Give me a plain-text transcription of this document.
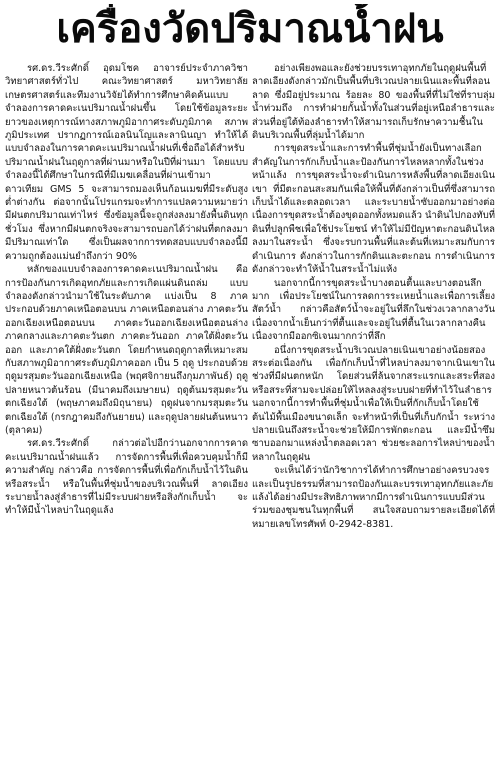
เครื่องวัดปริมาณน้ำฝน

รศ.ดร.วีระศักดิ์ อุดมโชค อาจารย์ประจำภาควิชาวิทยาศาสตร์ทั่วไป คณะวิทยาศาสตร์ มหาวิทยาลัยเกษตรศาสตร์และทีมงานวิจัยได้ทำการศึกษาคิดค้นแบบจำลองการคาดคะเนปริมาณน้ำฝนขึ้น โดยใช้ข้อมูลระยะยาวของเหตุการณ์ทางสภาพภูมิอากาศระดับภูมิภาค สภาพภูมิประเทศ ปรากฏการณ์เอลนินโญและลานินญา ทำให้ได้แบบจำลองในการคาดคะเนปริมาณน้ำฝนที่เชื่อถือได้สำหรับปริมาณน้ำฝนในฤดูกาลที่ผ่านมาหรือในปีที่ผ่านมา โดยแบบจำลองนี้ได้ศึกษาในกรณีที่มีเมฆเคลื่อนที่ผ่านเข้ามาดาวเทียม GMS 5 จะสามารถมองเห็นก้อนเมฆที่มีระดับสูงต่ำต่างกัน ต่อจากนั้นโปรแกรมจะทำการแปลความหมายว่ามีฝนตกปริมาณเท่าไหร่ ซึ่งข้อมูลนี้จะถูกส่งลงมายังพื้นดินทุกชั่วโมง ซึ่งหากมีฝนตกจริงจะสามารถบอกได้ว่าฝนที่ตกลงมามีปริมาณเท่าใด ซึ่งเป็นผลจากการทดสอบแบบจำลองนี้มีความถูกต้องแม่นยำถึงกว่า 90%

หลักของแบบจำลองการคาดคะเนปริมาณน้ำฝน คือ การป้องกันการเกิดอุทกภัยและการเกิดแผ่นดินถล่ม แบบจำลองดังกล่าวนำมาใช้ในระดับภาค แบ่งเป็น 8 ภาค ประกอบด้วยภาคเหนือตอนบน ภาคเหนือตอนล่าง ภาคตะวันออกเฉียงเหนือตอนบน ภาคตะวันออกเฉียงเหนือตอนล่าง ภาคกลางและภาคตะวันตก ภาคตะวันออก ภาคใต้ฝั่งตะวันออก และภาคใต้ฝั่งตะวันตก โดยกำหนดฤดูกาลที่เหมาะสมกับสภาพภูมิอากาศระดับภูมิภาคออก เป็น 5 ฤดู ประกอบด้วย ฤดูมรสุมตะวันออกเฉียงเหนือ (พฤศจิกายนถึงกุมภาพันธ์) ฤดูปลายหนาวต้นร้อน (มีนาคมถึงเมษายน) ฤดูต้นมรสุมตะวันตกเฉียงใต้ (พฤษภาคมถึงมิถุนายน) ฤดูฝนจากมรสุมตะวันตกเฉียงใต้ (กรกฎาคมถึงกันยายน) และฤดูปลายฝนต้นหนาว (ตุลาคม)

รศ.ดร.วีระศักดิ์ กล่าวต่อไปอีกว่านอกจากการคาดคะเนปริมาณน้ำฝนแล้ว การจัดการพื้นที่เพื่อควบคุมน้ำก็มีความสำคัญ กล่าวคือ การจัดการพื้นที่เพื่อกักเก็บน้ำไว้ในดินหรือสระน้ำ หรือในพื้นที่ชุ่มน้ำของบริเวณพื้นที่ ลาดเอียงระบายน้ำลงสู่ลำธารที่ไม่มีระบบฝายหรือสิ่งกักเก็บน้ำ จะทำให้มีน้ำไหลบ่าในฤดูแล้ง

อย่างเพียงพอและยังช่วยบรรเทาอุทกภัยในฤดูฝนพื้นที่ลาดเอียงดังกล่าวมักเป็นพื้นที่บริเวณปลายเนินและพื้นที่ลอนลาด ซึ่งมีอยู่ประมาณ ร้อยละ 80 ของพื้นที่ที่ไม่ใช่ที่ราบลุ่มน้ำท่วมถึง การทำฝายกั้นน้ำทั้งในส่วนที่อยู่เหนือลำธารและส่วนที่อยู่ใต้ท้องลำธารทำให้สามารถเก็บรักษาความชื้นในดินบริเวณพื้นที่ลุ่มน้ำได้มาก

การขุดสระน้ำและการทำพื้นที่ชุ่มน้ำยังเป็นทางเลือกสำคัญในการกักเก็บน้ำและป้องกันการไหลหลากทั้งในช่วงหน้าแล้ง การขุดสระน้ำจะดำเนินการหลังพื้นที่ลาดเอียงเนินเขา ที่มีตะกอนสะสมกันเพื่อให้พื้นที่ดังกล่าวเป็นที่ซึ่งสามารถเก็บน้ำได้และตลอดเวลา และระบายน้ำซับออกมาอย่างต่อเนื่องการขุดสระน้ำต้องขุดออกทั้งหมดแล้ว นำดินไปกองทับที่ดินที่ปลูกพืชเพื่อใช้ประโยชน์ ทำให้ไม่มีปัญหาตะกอนดินไหลลงมาในสระน้ำ ซึ่งจะรบกวนพื้นที่และต้นที่เหมาะสมกับการดำเนินการ ดังกล่าวในการกักดินและตะกอน การดำเนินการดังกล่าวจะทำให้น้ำในสระน้ำไม่แห้ง

นอกจากนี้การขุดสระน้ำบางตอนตื้นและบางตอนลึกมาก เพื่อประโยชน์ในการลดการระเหยน้ำและเพื่อการเลี้ยงสัตว์น้ำ กล่าวคือสัตว์น้ำจะอยู่ในที่ลึกในช่วงเวลากลางวันเนื่องจากน้ำเย็นกว่าที่ตื้นและจะอยู่ในที่ตื้นในเวลากลางคืนเนื่องจากมีออกซิเจนมากกว่าที่ลึก

อนึ่งการขุดสระน้ำบริเวณปลายเนินเขาอย่างน้อยสองสระต่อเนื่องกัน เพื่อกักเก็บน้ำที่ไหลบ่าลงมาจากเนินเขาในช่วงที่มีฝนตกหนัก โดยส่วนที่ล้นจากสระแรกและสระที่สองหรือสระที่สามจะปล่อยให้ไหลลงสู่ระบบฝายที่ทำไว้ในลำธาร นอกจากนี้การทำพื้นที่ชุ่มน้ำเพื่อให้เป็นที่กักเก็บน้ำโดยใช้ต้นไม้พื้นเมืองขนาดเล็ก จะทำหน้าที่เป็นที่เก็บกักน้ำ ระหว่างปลายเนินถึงสระน้ำจะช่วยให้มีการพักตะกอน และมีน้ำซึมซาบออกมาแหล่งน้ำตลอดเวลา ช่วยชะลอการไหลบ่าของน้ำหลากในฤดูฝน

จะเห็นได้ว่านักวิชาการได้ทำการศึกษาอย่างครบวงจรและเป็นรูปธรรมที่สามารถป้องกันและบรรเทาอุทกภัยและภัยแล้งได้อย่างมีประสิทธิภาพหากมีการดำเนินการแบบมีส่วนร่วมของชุมชนในทุกพื้นที่ สนใจสอบถามรายละเอียดได้ที่หมายเลขโทรศัพท์ 0-2942-8381.
